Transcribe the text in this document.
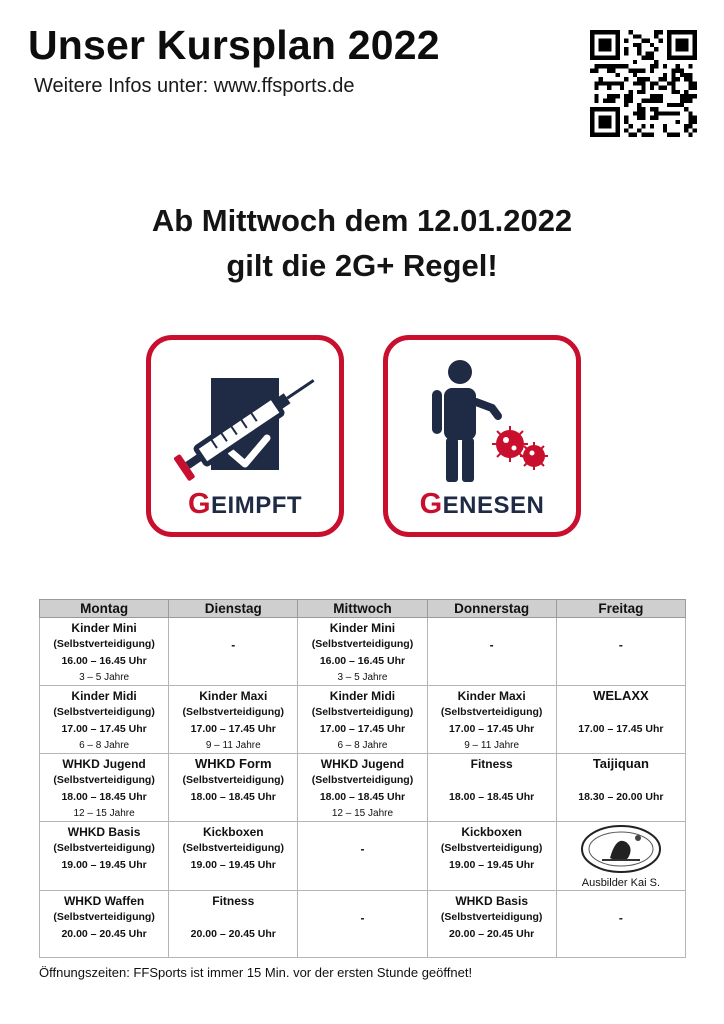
Unser Kursplan 2022
Weitere Infos unter: www.ffsports.de
Ab Mittwoch dem 12.01.2022
gilt die 2G+ Regel!
GEIMPFT	GENESEN
Montag	Dienstag	Mittwoch	Donnerstag	Freitag

Kinder Mini
(Selbstverteidigung)
16.00 – 16.45 Uhr
3 – 5 Jahre	-	Kinder Mini
(Selbstverteidigung)
16.00 – 16.45 Uhr
3 – 5 Jahre	-	-

Kinder Midi
(Selbstverteidigung)
17.00 – 17.45 Uhr
6 – 8 Jahre	Kinder Maxi
(Selbstverteidigung)
17.00 – 17.45 Uhr
9 – 11 Jahre	Kinder Midi
(Selbstverteidigung)
17.00 – 17.45 Uhr
6 – 8 Jahre	Kinder Maxi
(Selbstverteidigung)
17.00 – 17.45 Uhr
9 – 11 Jahre	WELAXX
17.00 – 17.45 Uhr

WHKD Jugend
(Selbstverteidigung)
18.00 – 18.45 Uhr
12 – 15 Jahre	WHKD Form
(Selbstverteidigung)
18.00 – 18.45 Uhr	WHKD Jugend
(Selbstverteidigung)
18.00 – 18.45 Uhr
12 – 15 Jahre	Fitness
18.00 – 18.45 Uhr	Taijiquan
18.30 – 20.00 Uhr

WHKD Basis
(Selbstverteidigung)
19.00 – 19.45 Uhr	Kickboxen
(Selbstverteidigung)
19.00 – 19.45 Uhr	-	Kickboxen
(Selbstverteidigung)
19.00 – 19.45 Uhr	Ausbilder Kai S.

WHKD Waffen
(Selbstverteidigung)
20.00 – 20.45 Uhr	Fitness
20.00 – 20.45 Uhr	-	WHKD Basis
(Selbstverteidigung)
20.00 – 20.45 Uhr	-
Öffnungszeiten: FFSports ist immer 15 Min. vor der ersten Stunde geöffnet!
